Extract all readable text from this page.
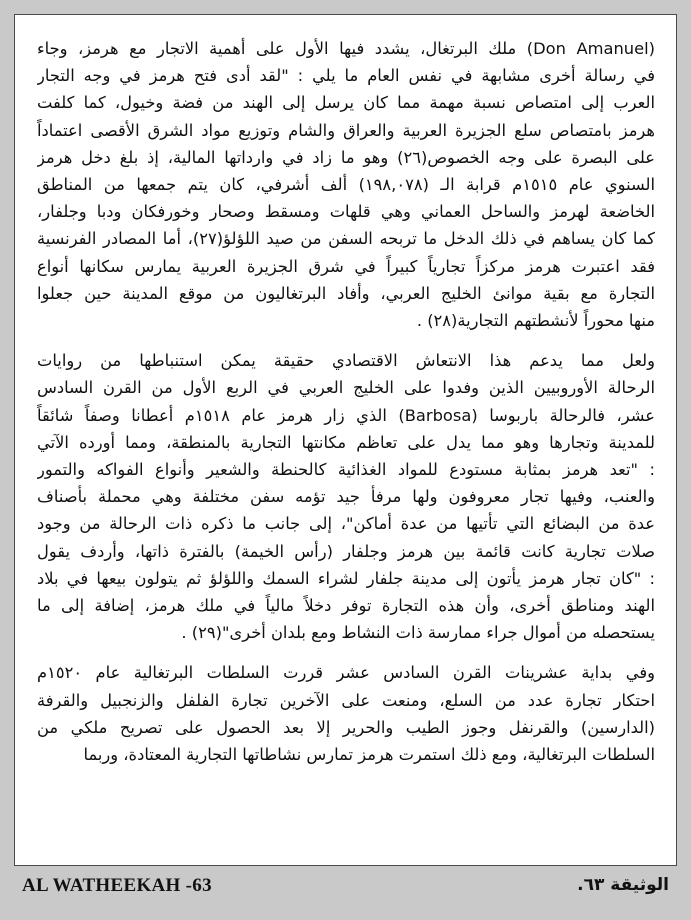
(Don Amanuel) ملك البرتغال، يشدد فيها الأول على أهمية الاتجار مع هرمز، وجاء
في رسالة أخرى مشابهة في نفس العام ما يلي : "لقد أدى فتح هرمز في وجه التجار
العرب إلى امتصاص نسبة مهمة مما كان يرسل إلى الهند من فضة وخيول، كما كلفت
هرمز بامتصاص سلع الجزيرة العربية والعراق والشام وتوزيع مواد الشرق الأقصى اعتماداً
على البصرة على وجه الخصوص(٢٦) وهو ما زاد في وارداتها المالية، إذ بلغ دخل هرمز
السنوي عام ١٥١٥م قرابة الـ (١٩٨,٠٧٨) ألف أشرفي، كان يتم جمعها من المناطق
الخاضعة لهرمز والساحل العماني وهي قلهات ومسقط وصحار وخورفكان ودبا وجلفار،
كما كان يساهم في ذلك الدخل ما تربحه السفن من صيد اللؤلؤ(٢٧)، أما المصادر الفرنسية
فقد اعتبرت هرمز مركزاً تجارياً كبيراً في شرق الجزيرة العربية يمارس سكانها أنواع
التجارة مع بقية موانئ الخليج العربي، وأفاد البرتغاليون من موقع المدينة حين جعلوا
منها محوراً لأنشطتهم التجارية(٢٨) .

ولعل مما يدعم هذا الانتعاش الاقتصادي حقيقة يمكن استنباطها من روايات
الرحالة الأوروبيين الذين وفدوا على الخليج العربي في الربع الأول من القرن السادس
عشر، فالرحالة باربوسا (Barbosa) الذي زار هرمز عام ١٥١٨م أعطانا وصفاً شائقاً
للمدينة وتجارها وهو مما يدل على تعاظم مكانتها التجارية بالمنطقة، ومما أورده الآتي
: "تعد هرمز بمثابة مستودع للمواد الغذائية كالحنطة والشعير وأنواع الفواكه والتمور
والعنب، وفيها تجار معروفون ولها مرفأ جيد تؤمه سفن مختلفة وهي محملة بأصناف
عدة من البضائع التي تأتيها من عدة أماكن"، إلى جانب ما ذكره ذات الرحالة من وجود
صلات تجارية كانت قائمة بين هرمز وجلفار (رأس الخيمة) بالفترة ذاتها، وأردف يقول
: "كان تجار هرمز يأتون إلى مدينة جلفار لشراء السمك واللؤلؤ ثم يتولون بيعها في بلاد
الهند ومناطق أخرى، وأن هذه التجارة توفر دخلاً مالياً في ملك هرمز، إضافة إلى ما
يستحصله من أموال جراء ممارسة ذات النشاط ومع بلدان أخرى"(٢٩) .

وفي بداية عشرينات القرن السادس عشر قررت السلطات البرتغالية عام ١٥٢٠م
احتكار تجارة عدد من السلع، ومنعت على الآخرين تجارة الفلفل والزنجبيل والقرفة
(الدارسين) والقرنفل وجوز الطيب والحرير إلا بعد الحصول على تصريح ملكي من
السلطات البرتغالية، ومع ذلك استمرت هرمز تمارس نشاطاتها التجارية المعتادة، وربما

AL WATHEEKAH -63	الوثيقة ٦٣.
